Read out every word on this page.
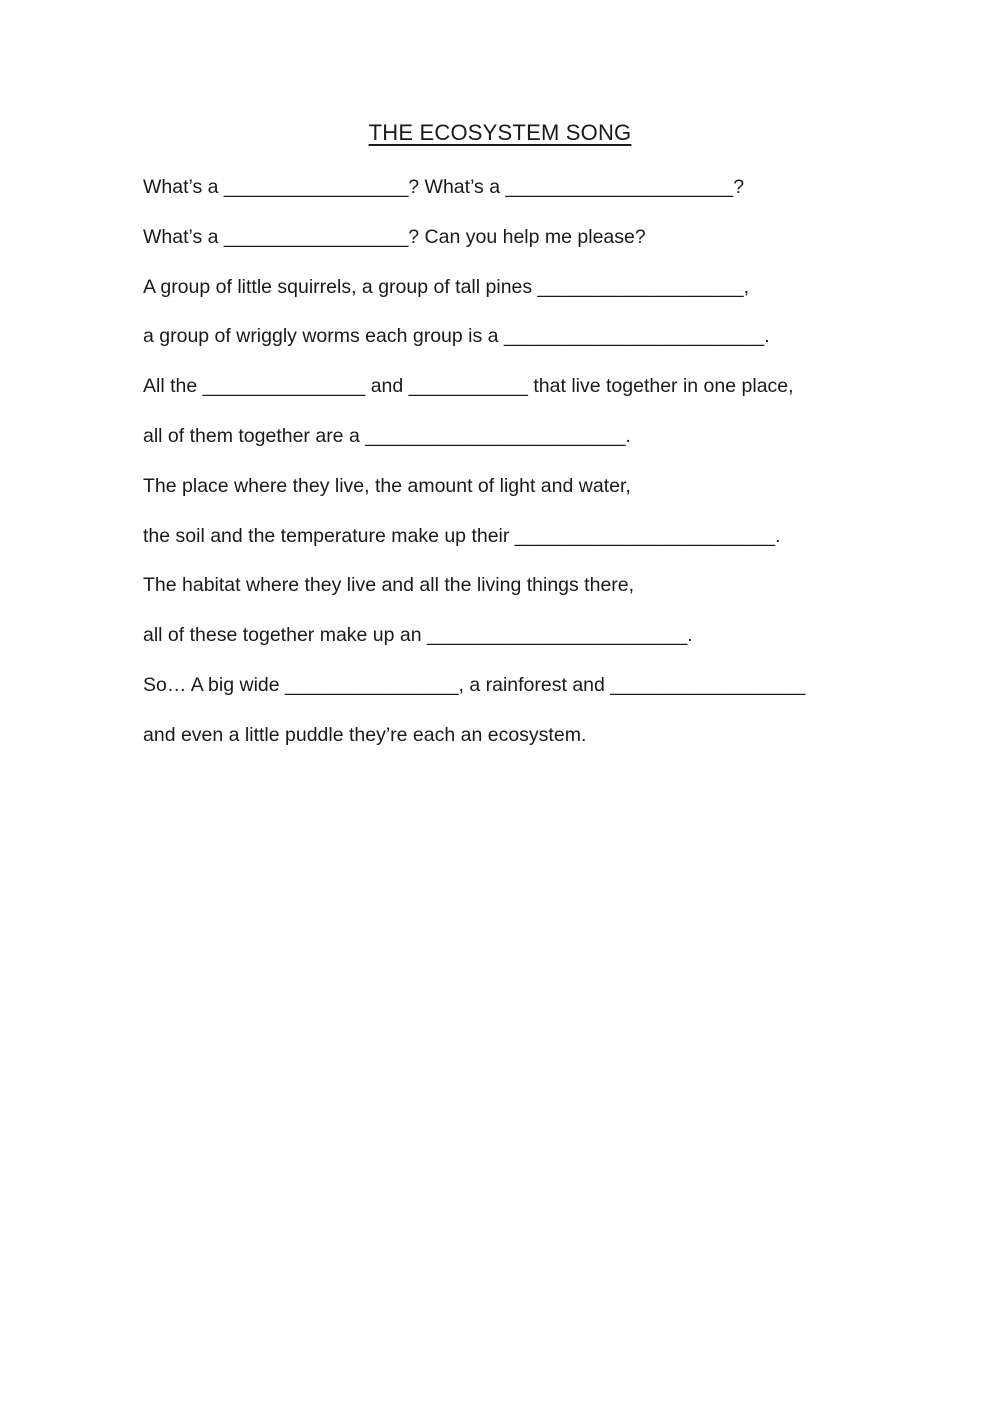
THE ECOSYSTEM SONG
What’s a _________________? What’s a _____________________?
What’s a _________________? Can you help me please?
A group of little squirrels, a group of tall pines ___________________,
a group of wriggly worms each group is a ________________________.
All the _______________ and ___________ that live together in one place,
all of them together are a ________________________.
The place where they live, the amount of light and water,
the soil and the temperature make up their ________________________.
The habitat where they live and all the living things there,
all of these together make up an ________________________.
So… A big wide ________________, a rainforest and __________________
and even a little puddle they’re each an ecosystem.
